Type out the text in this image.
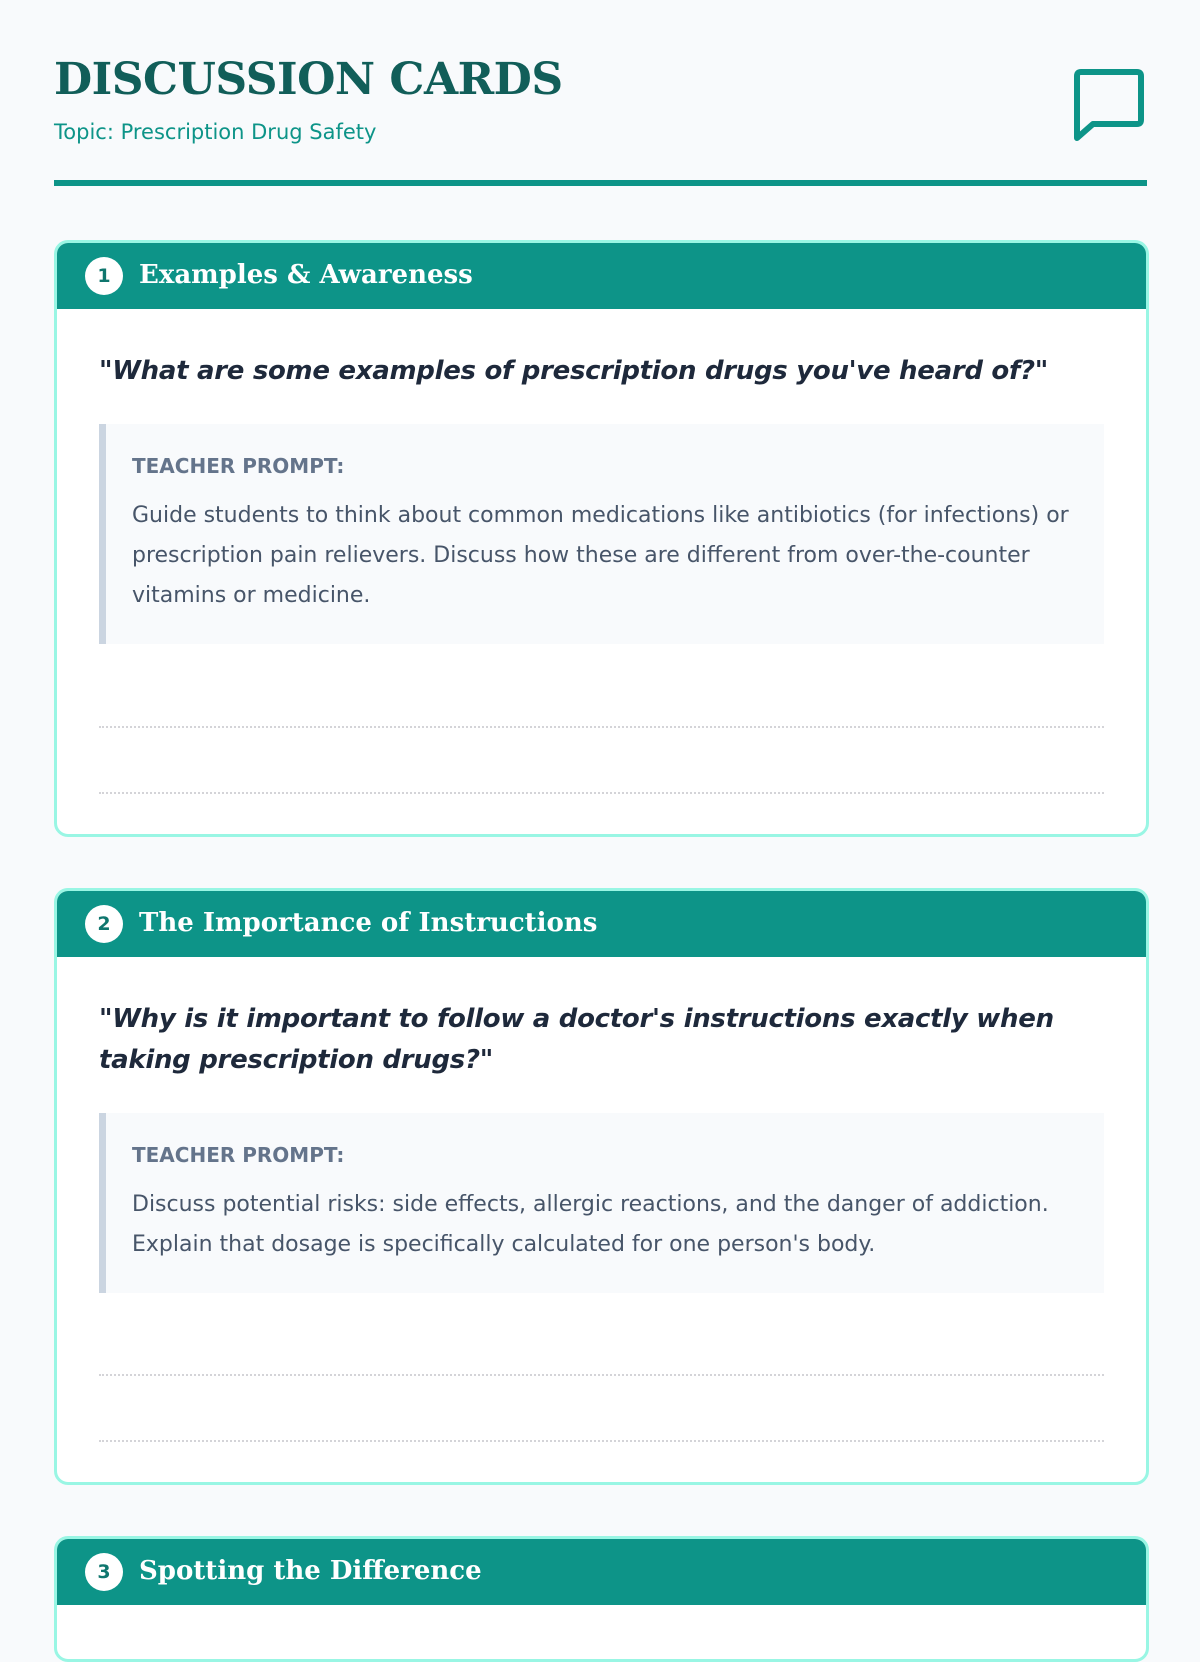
DISCUSSION CARDS
Topic: Prescription Drug Safety
1	Examples & Awareness

"What are some examples of prescription drugs you've heard of?"

TEACHER PROMPT:
Guide students to think about common medications like antibiotics (for infections) or prescription pain relievers. Discuss how these are different from over-the-counter vitamins or medicine.
2	The Importance of Instructions

"Why is it important to follow a doctor's instructions exactly when taking prescription drugs?"

TEACHER PROMPT:
Discuss potential risks: side effects, allergic reactions, and the danger of addiction. Explain that dosage is specifically calculated for one person's body.
3	Spotting the Difference
